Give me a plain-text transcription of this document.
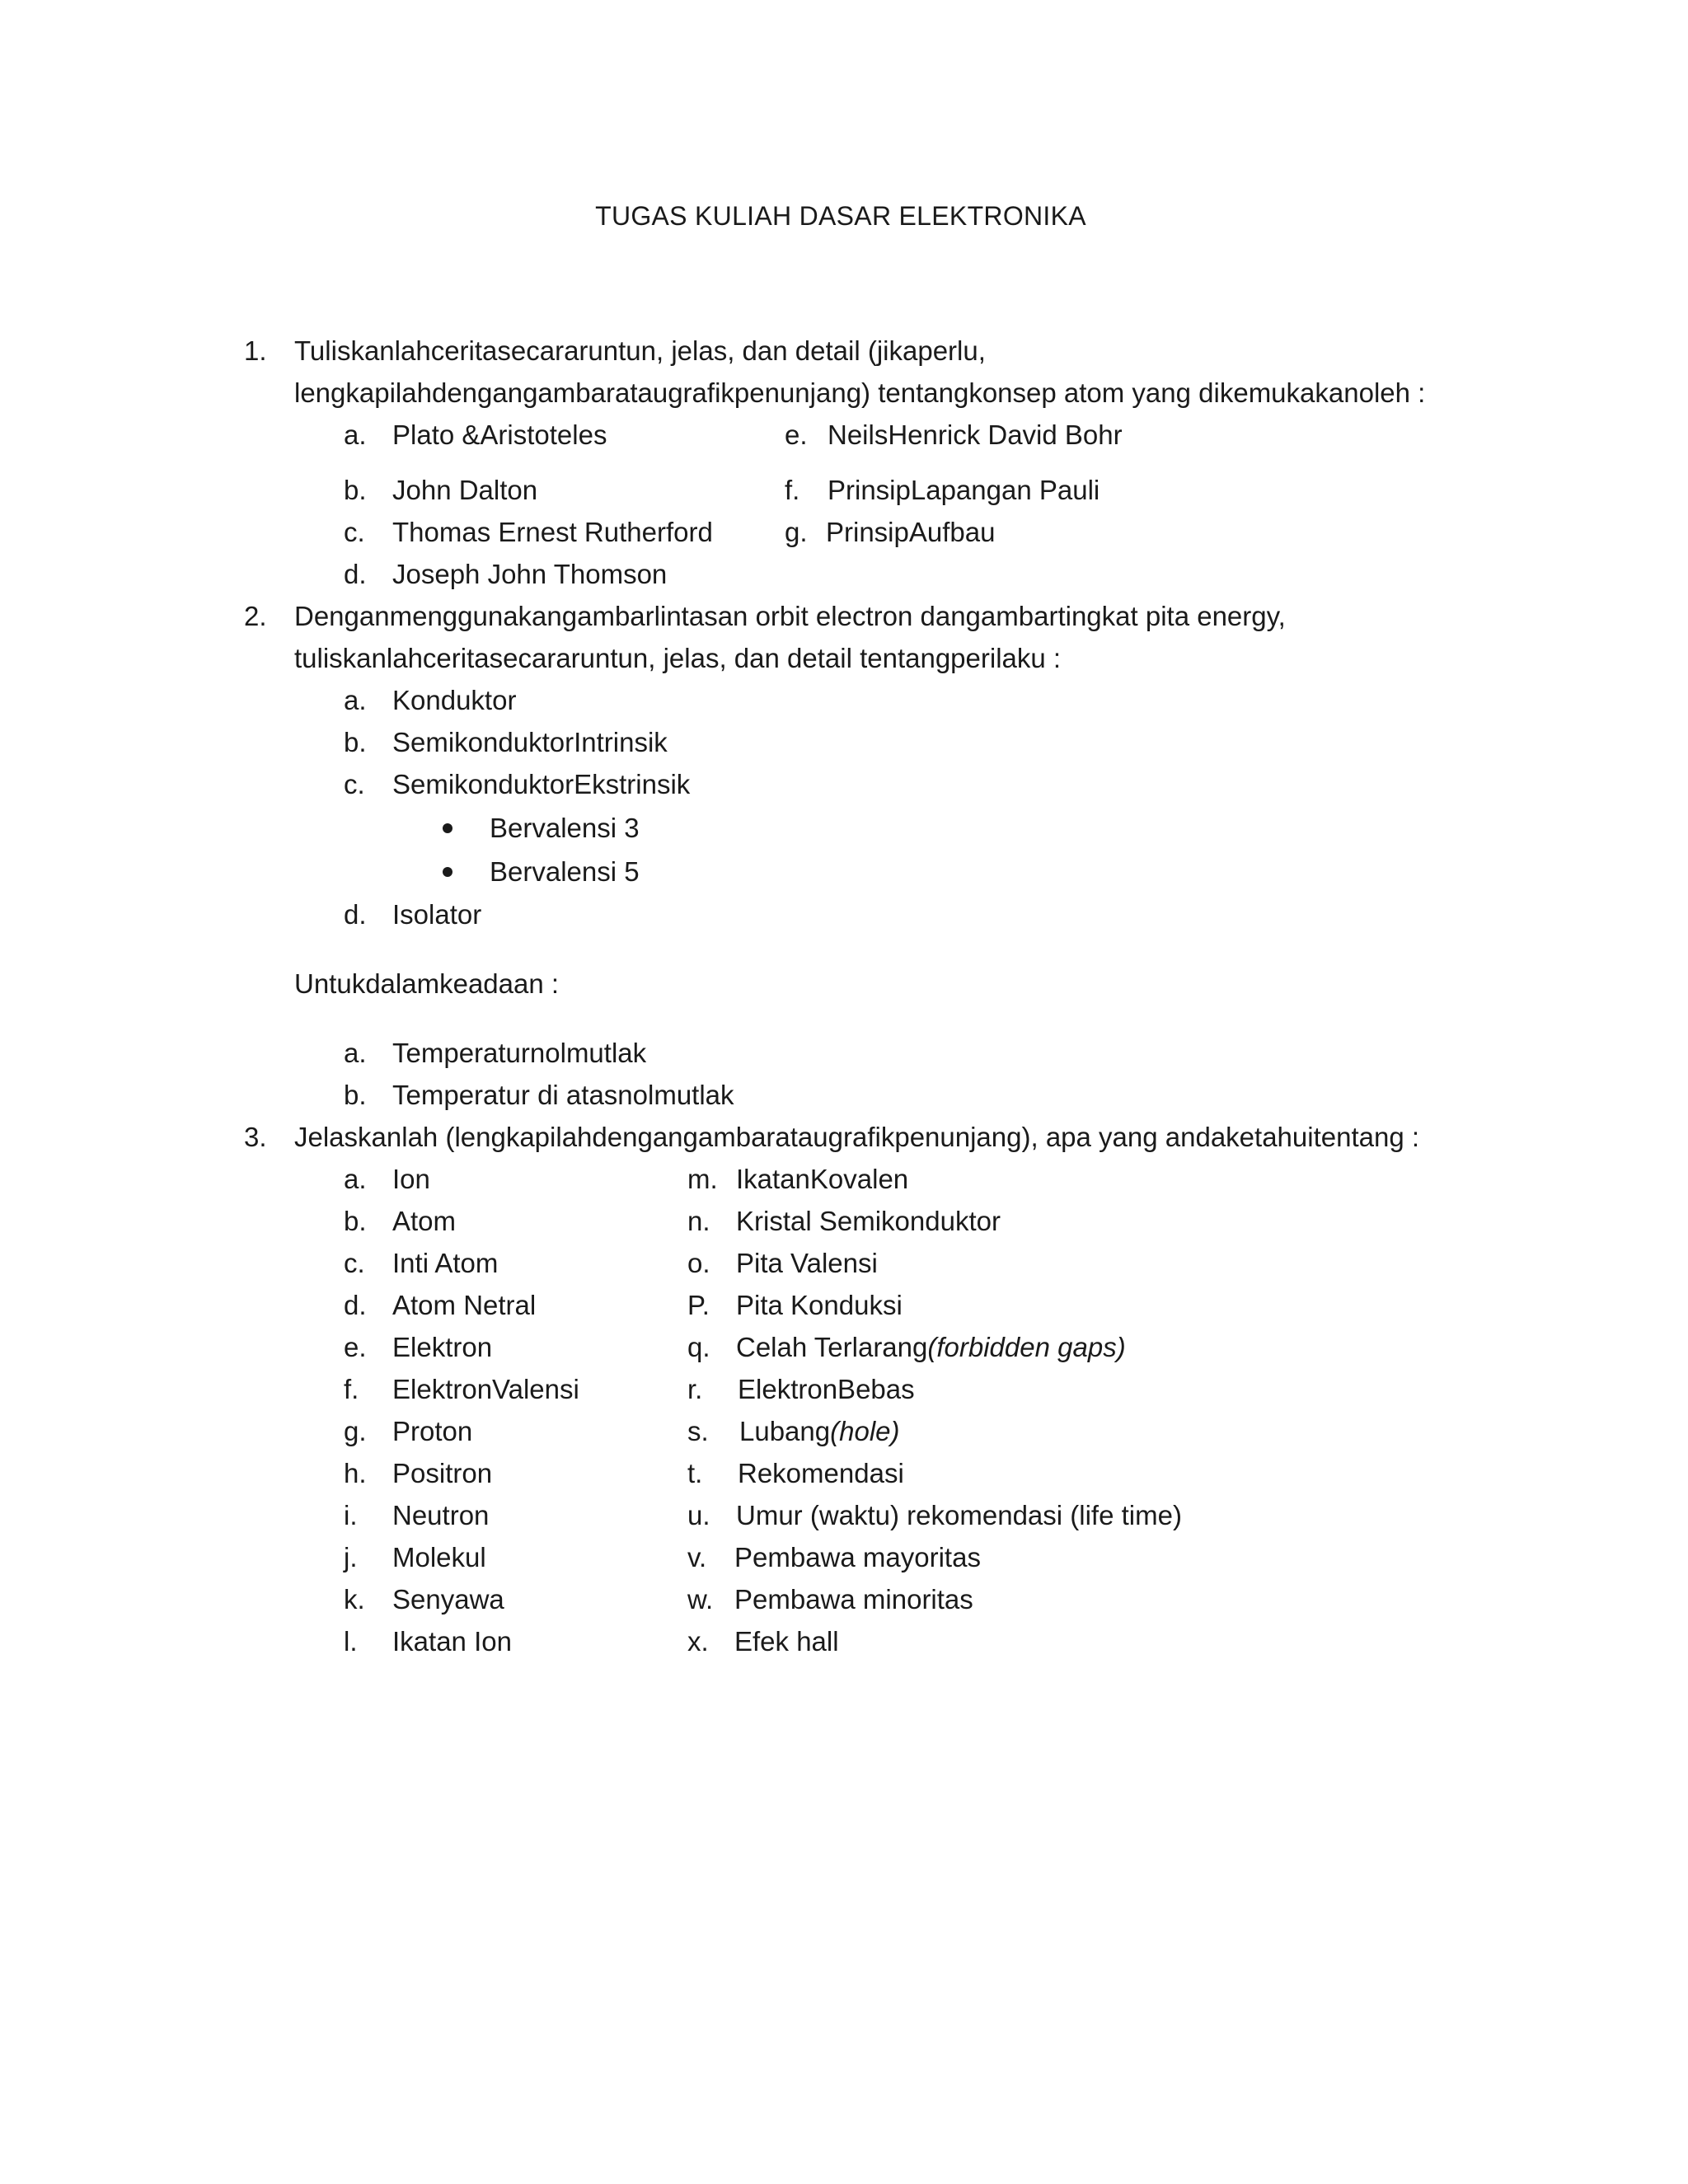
TUGAS KULIAH DASAR ELEKTRONIKA
1. Tuliskanlahceritasecararuntun, jelas, dan detail (jikaperlu,
lengkapilahdengangambarataugrafikpenunjang) tentangkonsep atom yang dikemukakanoleh :
a. Plato &Aristoteles
b. John Dalton
c. Thomas Ernest Rutherford
d. Joseph John Thomson
e. NeilsHenrick David Bohr
f. PrinsipLapangan Pauli
g. PrinsipAufbau
2. Denganmenggunakangambarlintasan orbit electron dangambartingkat pita energy,
tuliskanlahceritasecararuntun, jelas, dan detail tentangperilaku :
a. Konduktor
b. SemikonduktorIntrinsik
c. SemikonduktorEkstrinsik
Bervalensi 3
Bervalensi 5
d. Isolator
Untukdalamkeadaan :
a. Temperaturnolmutlak
b. Temperatur di atasnolmutlak
3. Jelaskanlah (lengkapilahdengangambarataugrafikpenunjang), apa yang andaketahuitentang :
a. Ion
b. Atom
c. Inti Atom
d. Atom Netral
e. Elektron
f. ElektronValensi
g. Proton
h. Positron
i. Neutron
j. Molekul
k. Senyawa
l. Ikatan Ion
m. IkatanKovalen
n. Kristal Semikonduktor
o. Pita Valensi
P. Pita Konduksi
q. Celah Terlarang(forbidden gaps)
r. ElektronBebas
s. Lubang(hole)
t. Rekomendasi
u. Umur (waktu) rekomendasi (life time)
v. Pembawa mayoritas
w. Pembawa minoritas
x. Efek hall
